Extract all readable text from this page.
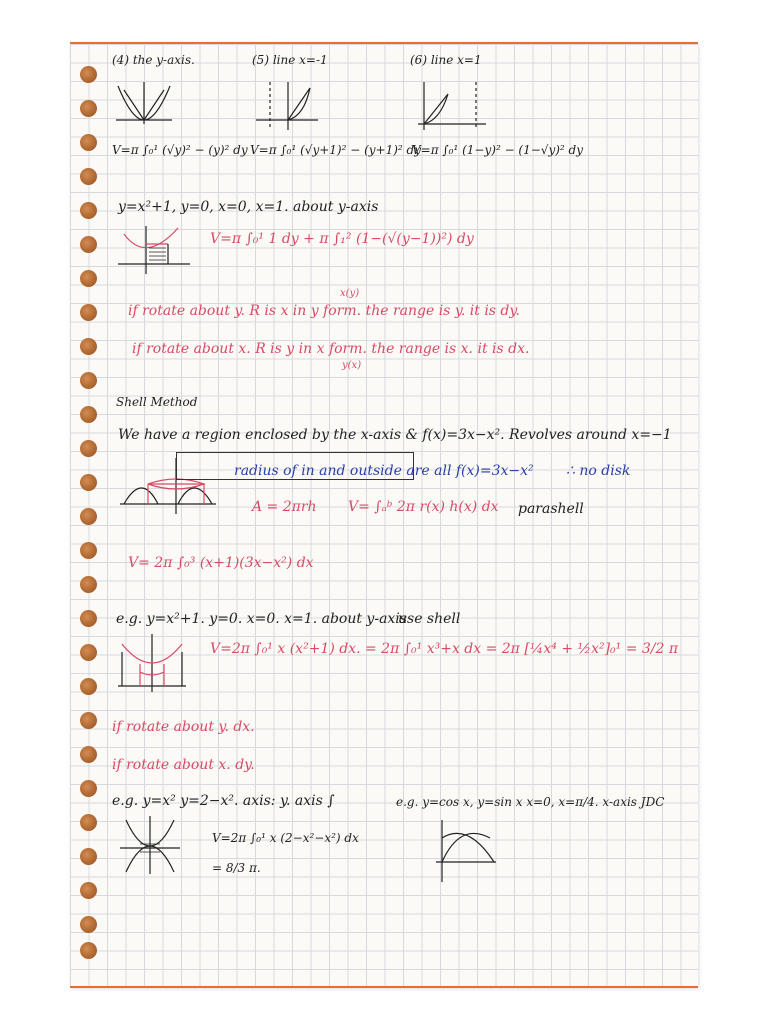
(4) the y-axis.	(5) line x=-1	(6) line x=1
V=π ∫₀¹ (√y)² − (y)² dy V=π ∫₀¹ (√y+1)² − (y+1)² dy
V=π ∫₀¹ (1−y)² − (1−√y)² dy
y=x²+1, y=0, x=0, x=1. about y-axis
V=π ∫₀¹ 1 dy + π ∫₁² (1−(√(y−1))²) dy
x(y)
if rotate about y. R is x in y form. the range is y. it is dy.
if rotate about x. R is y in x form. the range is x. it is dx.
y(x)
Shell Method
We have a region enclosed by the x-axis & f(x)=3x−x². Revolves around x=−1
radius of in and outside are all f(x)=3x−x² ∴ no disk
A = 2πrh V= ∫ₐᵇ 2π r(x) h(x) dx parashell
V= 2π ∫₀³ (x+1)(3x−x²) dx
e.g. y=x²+1. y=0. x=0. x=1. about y-axis
use shell
V=2π ∫₀¹ x (x²+1) dx. = 2π ∫₀¹ x³+x dx = 2π [¼x⁴ + ½x²]₀¹ = 3/2 π
if rotate about y. dx.
if rotate about x. dy.
e.g. y=x² y=2−x². axis: y. axis ∫
V=2π ∫₀¹ x (2−x²−x²) dx
= 8/3 π.
e.g. y=cos x, y=sin x x=0, x=π/4. x-axis JDC
